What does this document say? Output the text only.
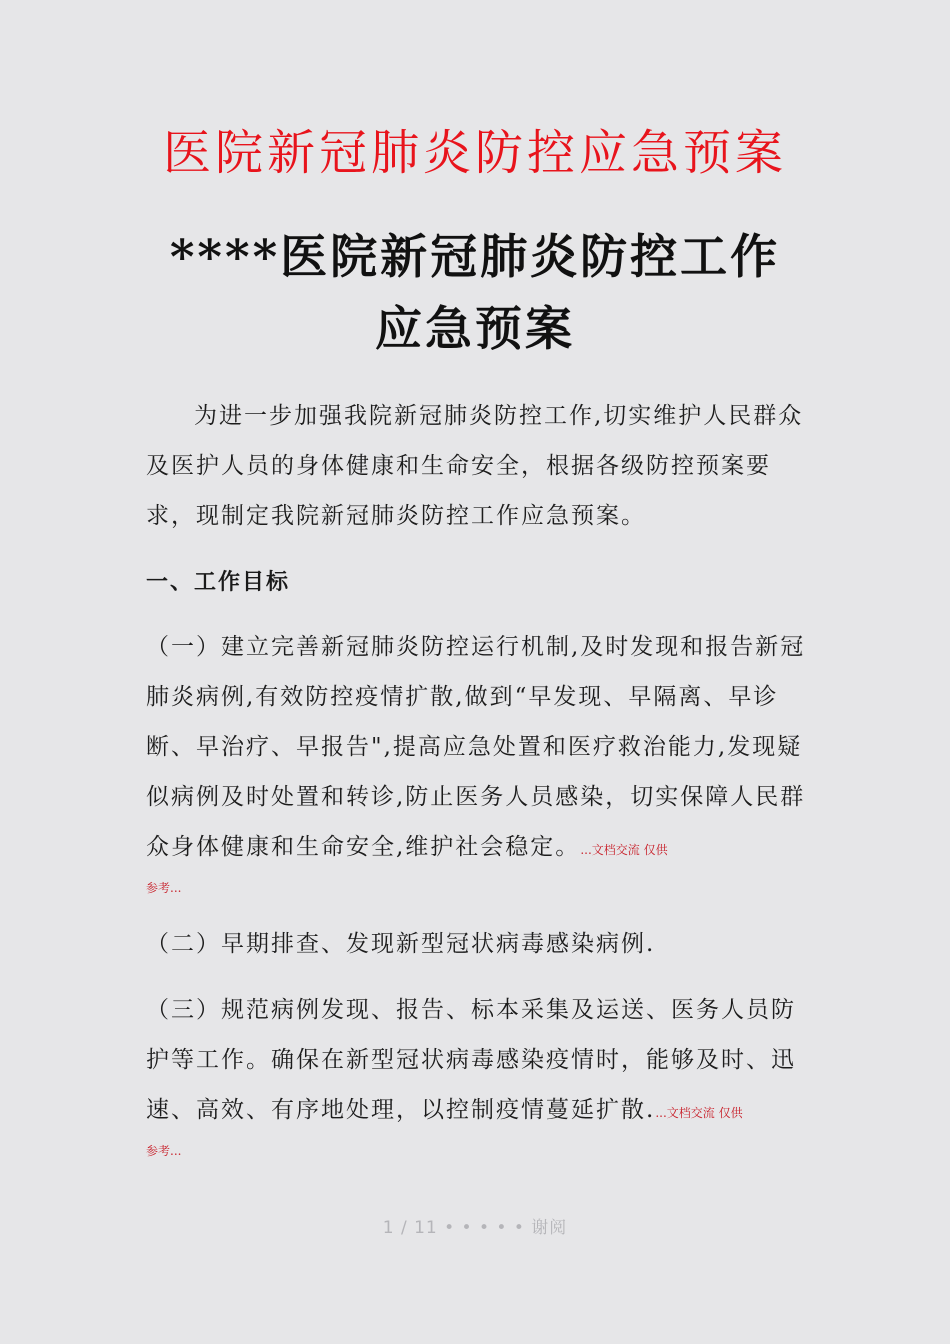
医院新冠肺炎防控应急预案
****医院新冠肺炎防控工作
应急预案

为进一步加强我院新冠肺炎防控工作,切实维护人民群众及医护人员的身体健康和生命安全，根据各级防控预案要求，现制定我院新冠肺炎防控工作应急预案。

一、工作目标

（一）建立完善新冠肺炎防控运行机制,及时发现和报告新冠肺炎病例,有效防控疫情扩散,做到“早发现、早隔离、早诊断、早治疗、早报告",提高应急处置和医疗救治能力,发现疑似病例及时处置和转诊,防止医务人员感染，切实保障人民群众身体健康和生命安全,维护社会稳定。...文档交流 仅供

参考...

（二）早期排查、发现新型冠状病毒感染病例.

（三）规范病例发现、报告、标本采集及运送、医务人员防护等工作。确保在新型冠状病毒感染疫情时，能够及时、迅速、高效、有序地处理，以控制疫情蔓延扩散....文档交流 仅供

参考...
1 / 11 • • • • • 谢阅
